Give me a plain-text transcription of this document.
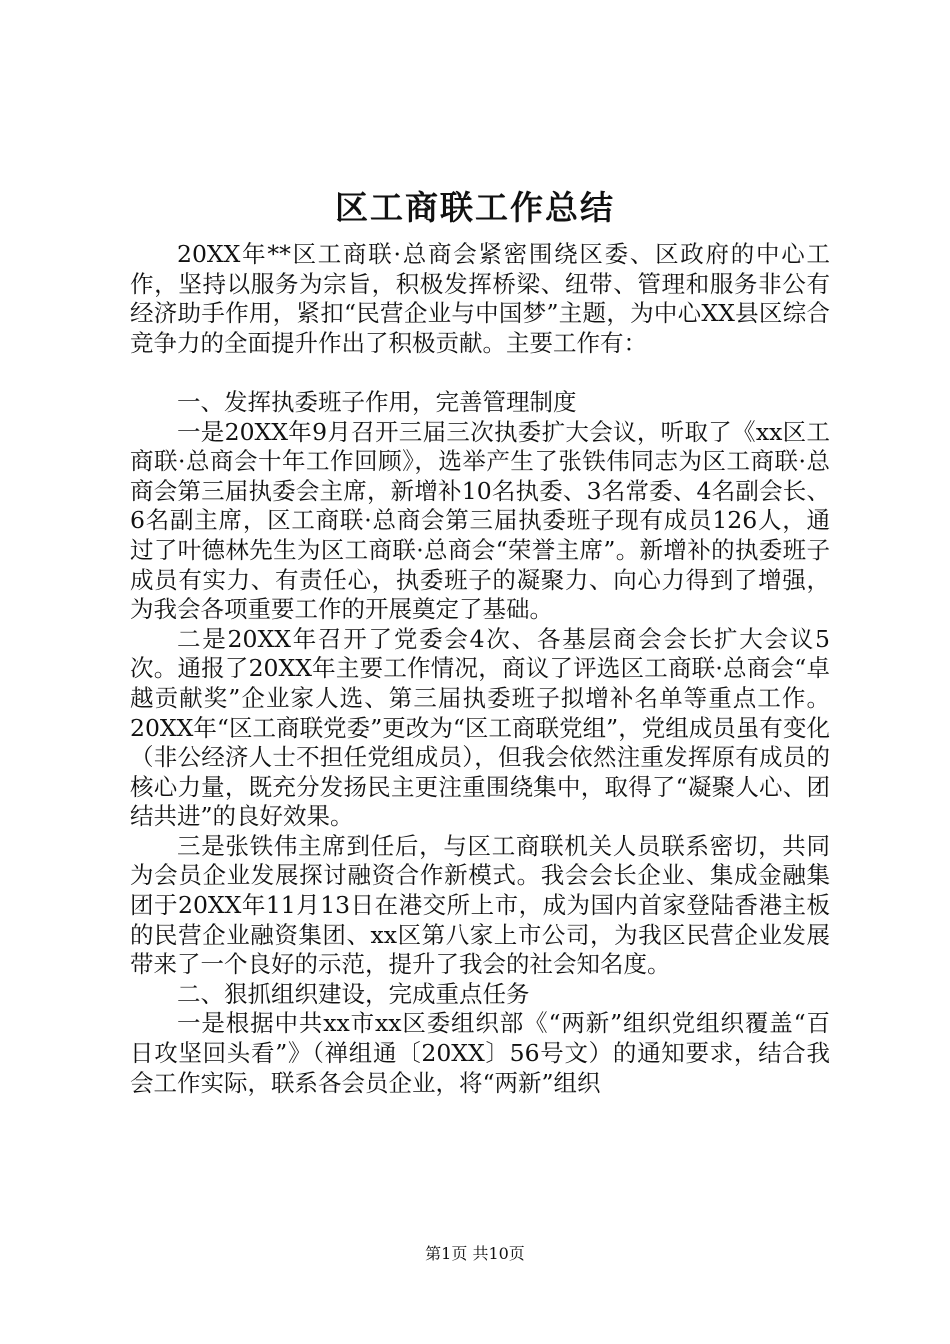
区工商联工作总结

20XX年**区工商联·总商会紧密围绕区委、区政府的中心工作，坚持以服务为宗旨，积极发挥桥梁、纽带、管理和服务非公有经济助手作用，紧扣“民营企业与中国梦”主题，为中心XX县区综合竞争力的全面提升作出了积极贡献。主要工作有：

一、发挥执委班子作用，完善管理制度

一是20XX年9月召开三届三次执委扩大会议，听取了《xx区工商联·总商会十年工作回顾》，选举产生了张铁伟同志为区工商联·总商会第三届执委会主席，新增补10名执委、3名常委、4名副会长、6名副主席，区工商联·总商会第三届执委班子现有成员126人，通过了叶德林先生为区工商联·总商会“荣誉主席”。新增补的执委班子成员有实力、有责任心，执委班子的凝聚力、向心力得到了增强，为我会各项重要工作的开展奠定了基础。

二是20XX年召开了党委会4次、各基层商会会长扩大会议5次。通报了20XX年主要工作情况，商议了评选区工商联·总商会“卓越贡献奖”企业家人选、第三届执委班子拟增补名单等重点工作。20XX年“区工商联党委”更改为“区工商联党组”，党组成员虽有变化（非公经济人士不担任党组成员），但我会依然注重发挥原有成员的核心力量，既充分发扬民主更注重围绕集中，取得了“凝聚人心、团结共进”的良好效果。

三是张铁伟主席到任后，与区工商联机关人员联系密切，共同为会员企业发展探讨融资合作新模式。我会会长企业、集成金融集团于20XX年11月13日在港交所上市，成为国内首家登陆香港主板的民营企业融资集团、xx区第八家上市公司，为我区民营企业发展带来了一个良好的示范，提升了我会的社会知名度。

二、狠抓组织建设，完成重点任务

一是根据中共xx市xx区委组织部《“两新”组织党组织覆盖“百日攻坚回头看”》（禅组通〔20XX〕56号文）的通知要求，结合我会工作实际，联系各会员企业，将“两新”组织

第1页 共10页
